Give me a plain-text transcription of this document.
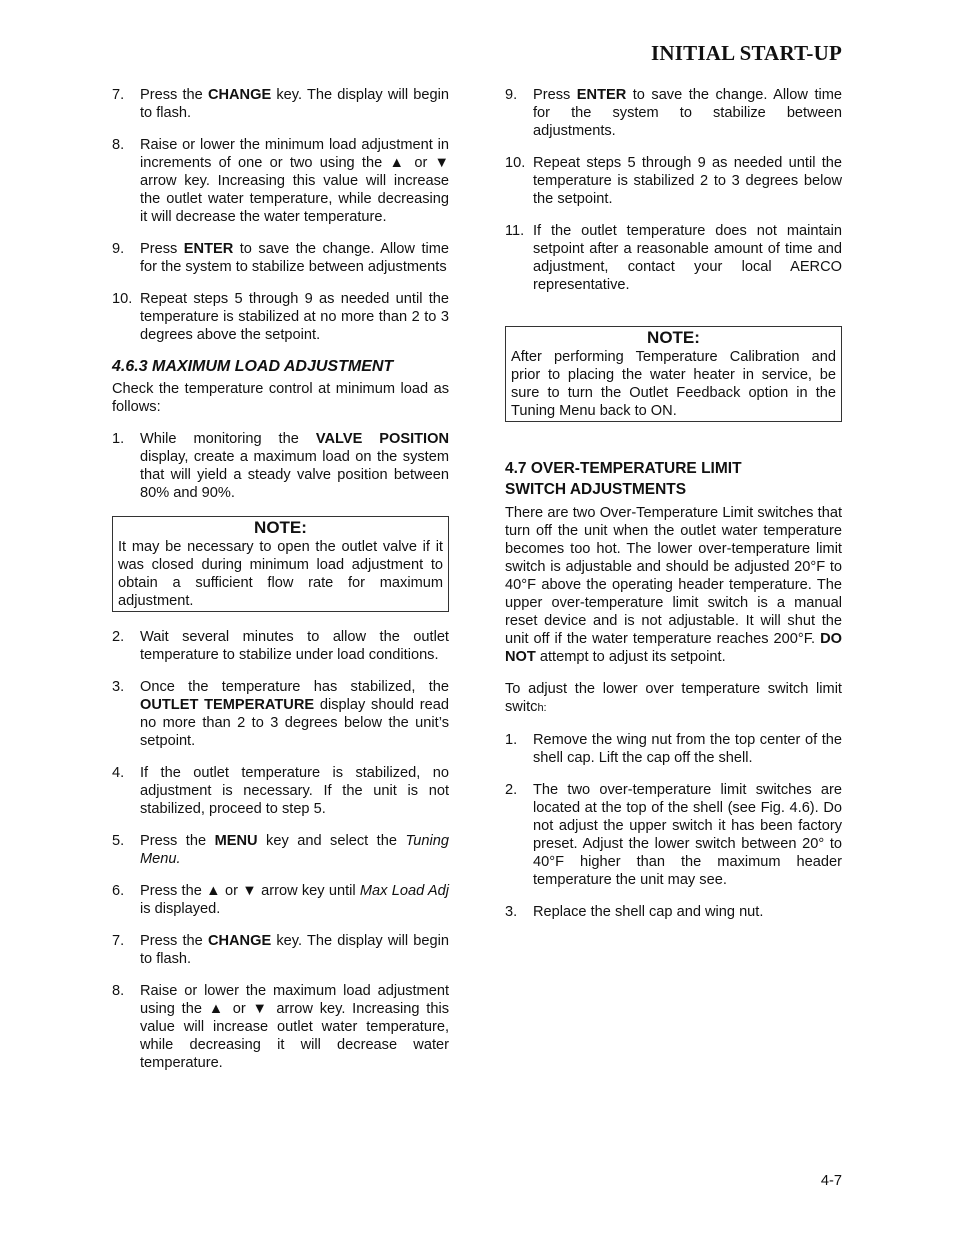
INITIAL START-UP
7.	Press the CHANGE key. The display will begin to flash.
8.	Raise or lower the minimum load adjustment in increments of one or two using the ▲ or ▼ arrow key. Increasing this value will increase the outlet water temperature, while decreasing it will decrease the water temperature.
9.	Press ENTER to save the change. Allow time for the system to stabilize between adjustments
10. Repeat steps 5 through 9 as needed until the temperature is stabilized at no more than 2 to 3 degrees above the setpoint.
4.6.3 MAXIMUM LOAD ADJUSTMENT

Check the temperature control at minimum load as follows:

1.	While monitoring the VALVE POSITION display, create a maximum load on the system that will yield a steady valve position between 80% and 90%.
NOTE:
It may be necessary to open the outlet valve if it was closed during minimum load adjustment to obtain a sufficient flow rate for maximum adjustment.
2.	Wait several minutes to allow the outlet temperature to stabilize under load conditions.
3.	Once the temperature has stabilized, the OUTLET TEMPERATURE display should read no more than 2 to 3 degrees below the unit’s setpoint.
4.	If the outlet temperature is stabilized, no adjustment is necessary. If the unit is not stabilized, proceed to step 5.
5.	Press the MENU key and select the Tuning Menu.
6.	Press the ▲ or ▼ arrow key until Max Load Adj is displayed.
7.	Press the CHANGE key. The display will begin to flash.
8.	Raise or lower the maximum load adjustment using the ▲ or ▼ arrow key. Increasing this value will increase outlet water temperature, while decreasing it will decrease water temperature.
9.	Press ENTER to save the change. Allow time for the system to stabilize between adjustments.
10. Repeat steps 5 through 9 as needed until the temperature is stabilized 2 to 3 degrees below the setpoint.
11. If the outlet temperature does not maintain setpoint after a reasonable amount of time and adjustment, contact your local AERCO representative.
NOTE:
After performing Temperature Calibration and prior to placing the water heater in service, be sure to turn the Outlet Feedback option in the Tuning Menu back to ON.
4.7 OVER-TEMPERATURE LIMIT
SWITCH ADJUSTMENTS

There are two Over-Temperature Limit switches that turn off the unit when the outlet water temperature becomes too hot. The lower over-temperature limit switch is adjustable and should be adjusted 20°F to 40°F above the operating header temperature. The upper over-temperature limit switch is a manual reset device and is not adjustable. It will shut the unit off if the water temperature reaches 200°F. DO NOT attempt to adjust its setpoint.

To adjust the lower over temperature switch limit switch:

1.	Remove the wing nut from the top center of the shell cap. Lift the cap off the shell.
2.	The two over-temperature limit switches are located at the top of the shell (see Fig. 4.6). Do not adjust the upper switch it has been factory preset. Adjust the lower switch between 20° to 40°F higher than the maximum header temperature the unit may see.
3.	Replace the shell cap and wing nut.
4-7
